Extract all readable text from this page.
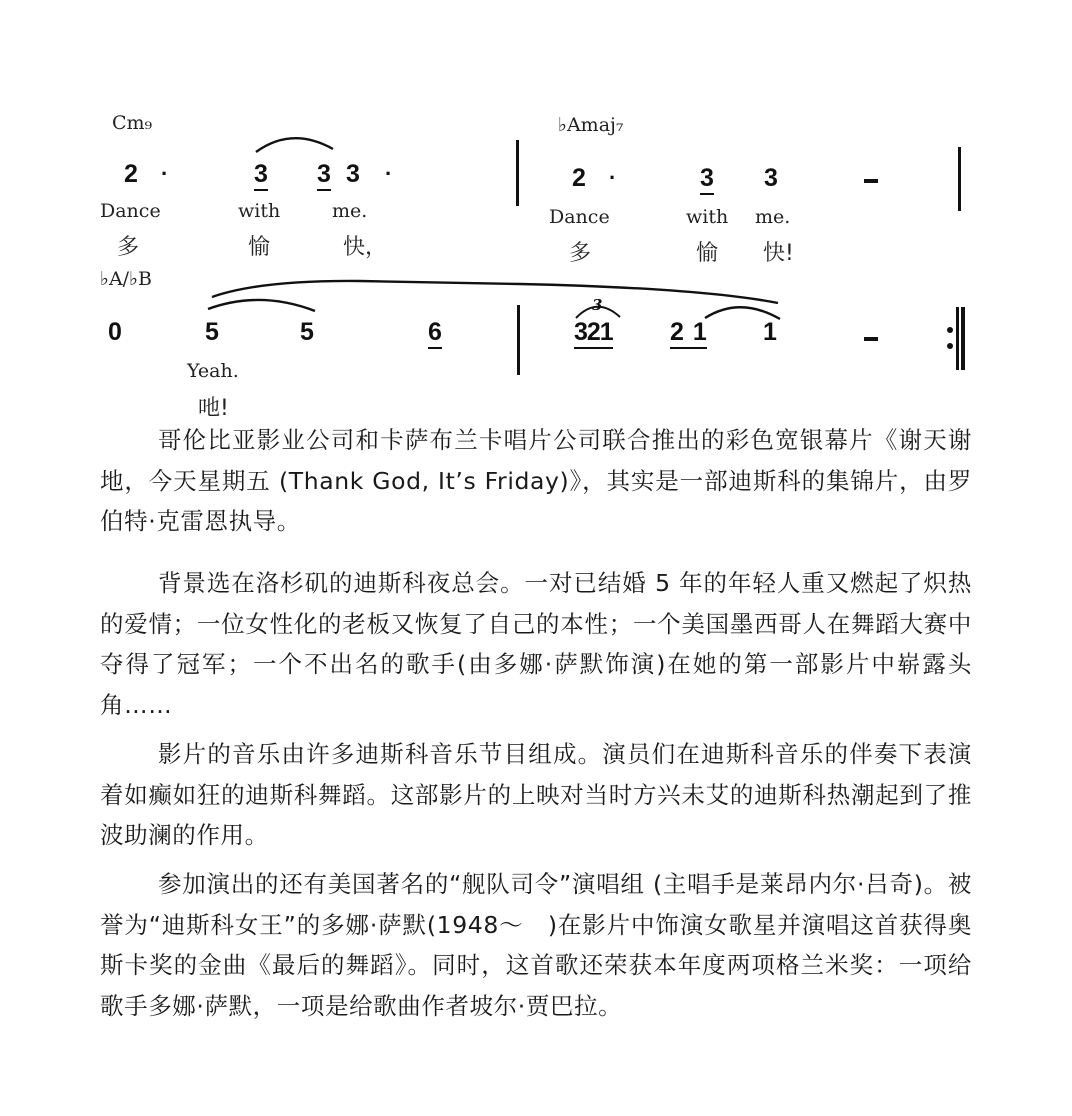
Cm₉
2 ·	3 3 3 ·
Dance	with	me.
多	愉	快，
♭Amaj₇
2 ·	3 3
Dance	with me.
多	愉 快!
♭A/♭B
0	5	5	6
Yeah.
吔!
3
321 2 1 1

哥伦比亚影业公司和卡萨布兰卡唱片公司联合推出的彩色宽银幕片《谢天谢地，今天星期五 (Thank God, It’s Friday)》，其实是一部迪斯科的集锦片，由罗伯特·克雷恩执导。

背景选在洛杉矶的迪斯科夜总会。一对已结婚 5 年的年轻人重又燃起了炽热的爱情；一位女性化的老板又恢复了自己的本性；一个美国墨西哥人在舞蹈大赛中夺得了冠军；一个不出名的歌手(由多娜·萨默饰演)在她的第一部影片中崭露头角……

影片的音乐由许多迪斯科音乐节目组成。演员们在迪斯科音乐的伴奏下表演着如癫如狂的迪斯科舞蹈。这部影片的上映对当时方兴未艾的迪斯科热潮起到了推波助澜的作用。

参加演出的还有美国著名的“舰队司令”演唱组 (主唱手是莱昂内尔·吕奇)。被誉为“迪斯科女王”的多娜·萨默(1948～　)在影片中饰演女歌星并演唱这首获得奥斯卡奖的金曲《最后的舞蹈》。同时，这首歌还荣获本年度两项格兰米奖：一项给歌手多娜·萨默，一项是给歌曲作者坡尔·贾巴拉。
